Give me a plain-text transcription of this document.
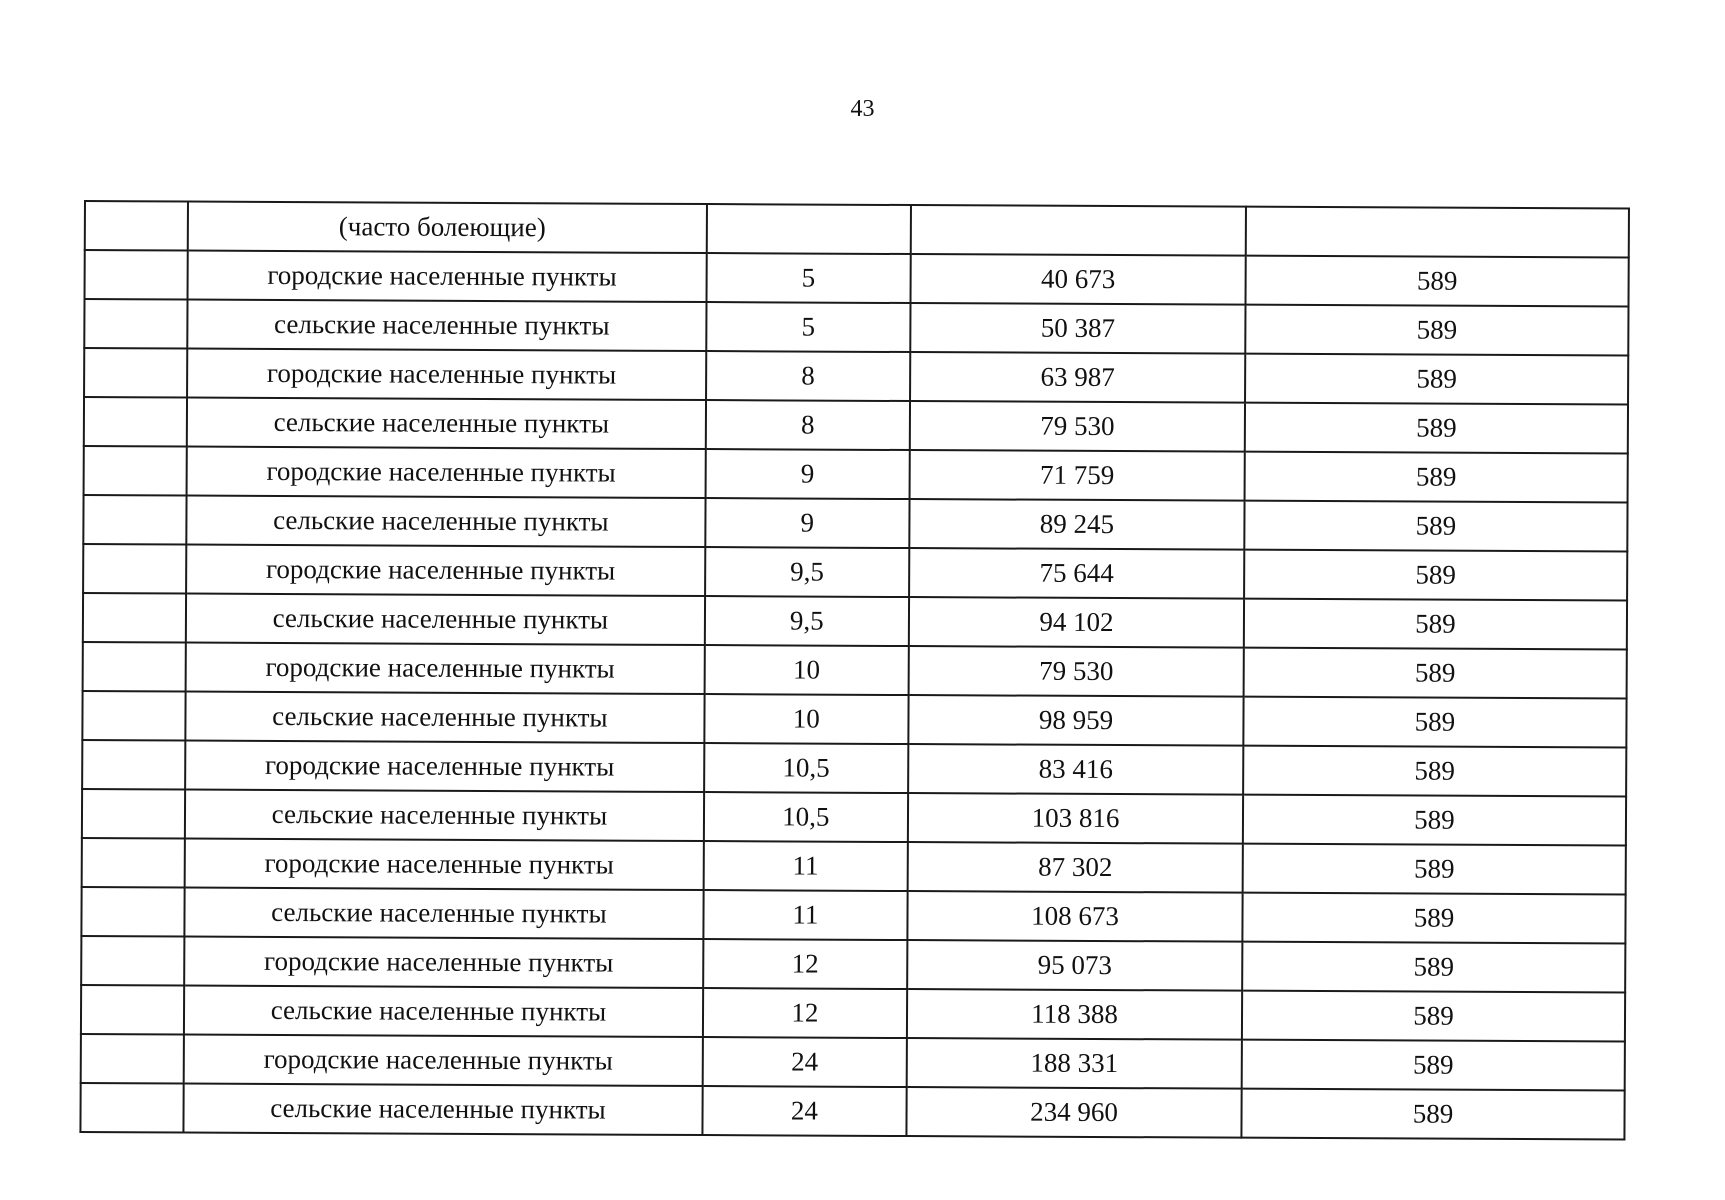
43
	(часто болеющие)			
	городские населенные пункты	5	40 673	589
	сельские населенные пункты	5	50 387	589
	городские населенные пункты	8	63 987	589
	сельские населенные пункты	8	79 530	589
	городские населенные пункты	9	71 759	589
	сельские населенные пункты	9	89 245	589
	городские населенные пункты	9,5	75 644	589
	сельские населенные пункты	9,5	94 102	589
	городские населенные пункты	10	79 530	589
	сельские населенные пункты	10	98 959	589
	городские населенные пункты	10,5	83 416	589
	сельские населенные пункты	10,5	103 816	589
	городские населенные пункты	11	87 302	589
	сельские населенные пункты	11	108 673	589
	городские населенные пункты	12	95 073	589
	сельские населенные пункты	12	118 388	589
	городские населенные пункты	24	188 331	589
	сельские населенные пункты	24	234 960	589
